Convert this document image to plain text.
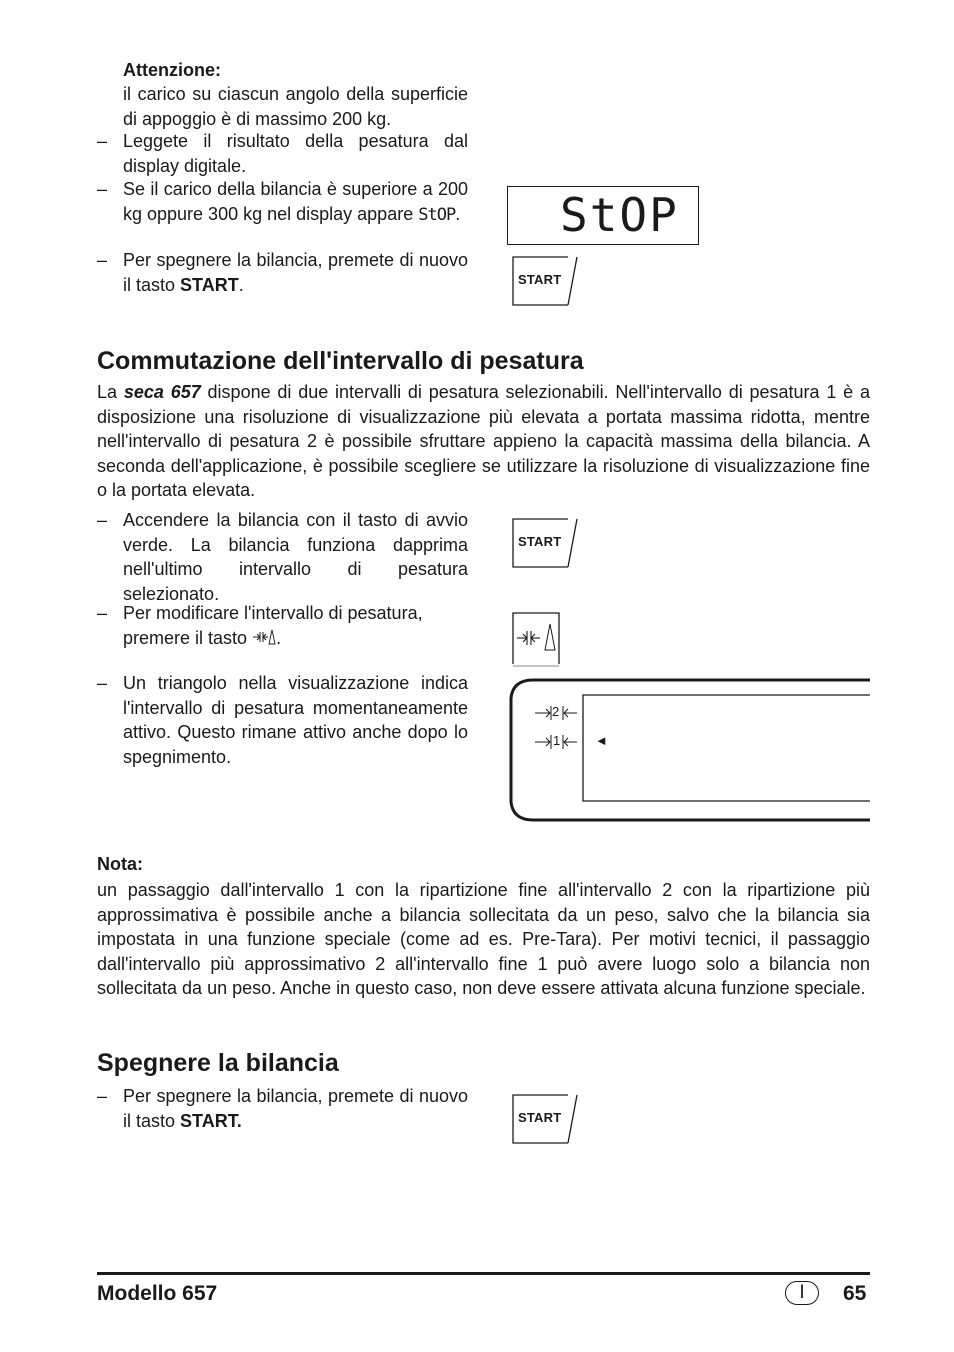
Attenzione:
il carico su ciascun angolo della superficie di appoggio è di massimo 200 kg.
– Leggete il risultato della pesatura dal display digitale.
– Se il carico della bilancia è superiore a 200 kg oppure 300 kg nel display appare StOP.
– Per spegnere la bilancia, premete di nuovo il tasto START.
StOP
START
Commutazione dell'intervallo di pesatura
La seca 657 dispone di due intervalli di pesatura selezionabili. Nell'intervallo di pesatura 1 è a disposizione una risoluzione di visualizzazione più elevata a portata massima ridotta, mentre nell'intervallo di pesatura 2 è possibile sfruttare appieno la capacità massima della bilancia. A seconda dell'applicazione, è possibile scegliere se utilizzare la risoluzione di visualizzazione fine o la portata elevata.
– Accendere la bilancia con il tasto di avvio verde. La bilancia funziona dapprima nell'ultimo intervallo di pesatura selezionato.
– Per modificare l'intervallo di pesatura, premere il tasto .
– Un triangolo nella visualizzazione indica l'intervallo di pesatura momentaneamente attivo. Questo rimane attivo anche dopo lo spegnimento.
START
2
1	◄
Nota:
un passaggio dall'intervallo 1 con la ripartizione fine all'intervallo 2 con la ripartizione più approssimativa è possibile anche a bilancia sollecitata da un peso, salvo che la bilancia sia impostata in una funzione speciale (come ad es. Pre-Tara). Per motivi tecnici, il passaggio dall'intervallo più approssimativo 2 all'intervallo fine 1 può avere luogo solo a bilancia non sollecitata da un peso. Anche in questo caso, non deve essere attivata alcuna funzione speciale.
Spegnere la bilancia
– Per spegnere la bilancia, premete di nuovo il tasto START.	START
Modello 657	I	65
